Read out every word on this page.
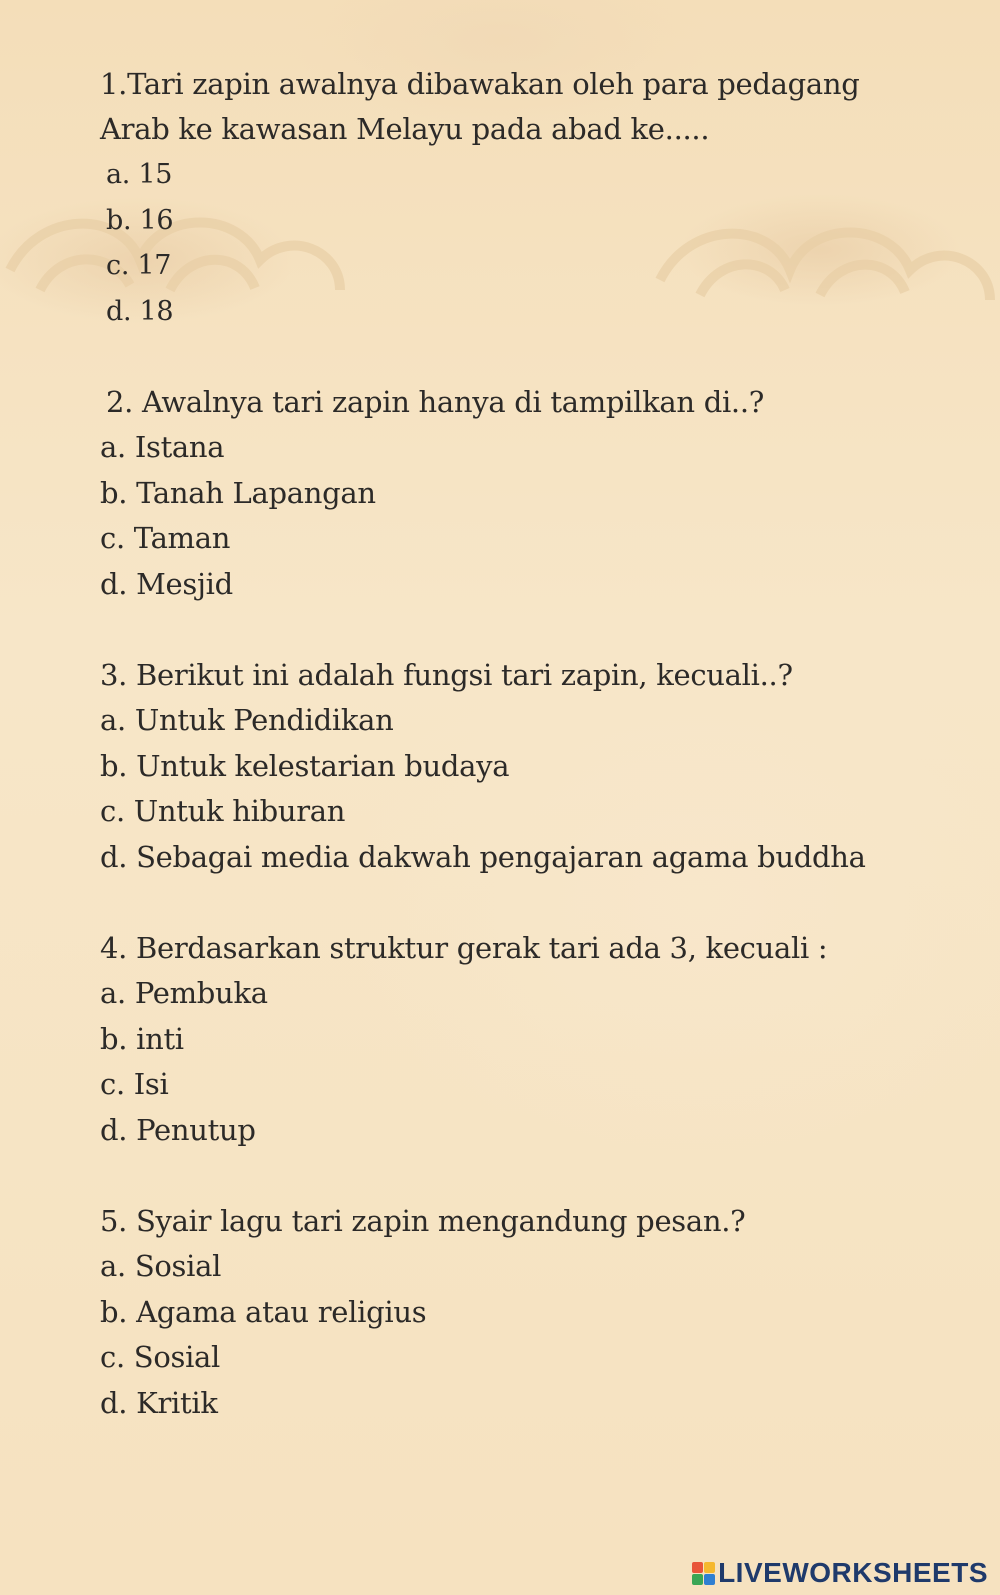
1.Tari zapin awalnya dibawakan oleh para pedagang Arab ke kawasan Melayu pada abad ke.....
a. 15
b. 16
c. 17
d. 18
2. Awalnya tari zapin hanya di tampilkan di..?
a. Istana
b. Tanah Lapangan
c. Taman
d. Mesjid
3. Berikut ini adalah fungsi tari zapin, kecuali..?
a. Untuk Pendidikan
b. Untuk kelestarian budaya
c. Untuk hiburan
d. Sebagai media dakwah pengajaran agama buddha
4. Berdasarkan struktur gerak tari ada 3, kecuali :
a. Pembuka
b. inti
c. Isi
d. Penutup
5. Syair lagu tari zapin mengandung pesan.?
a. Sosial
b. Agama atau religius
c. Sosial
d. Kritik
LIVEWORKSHEETS
